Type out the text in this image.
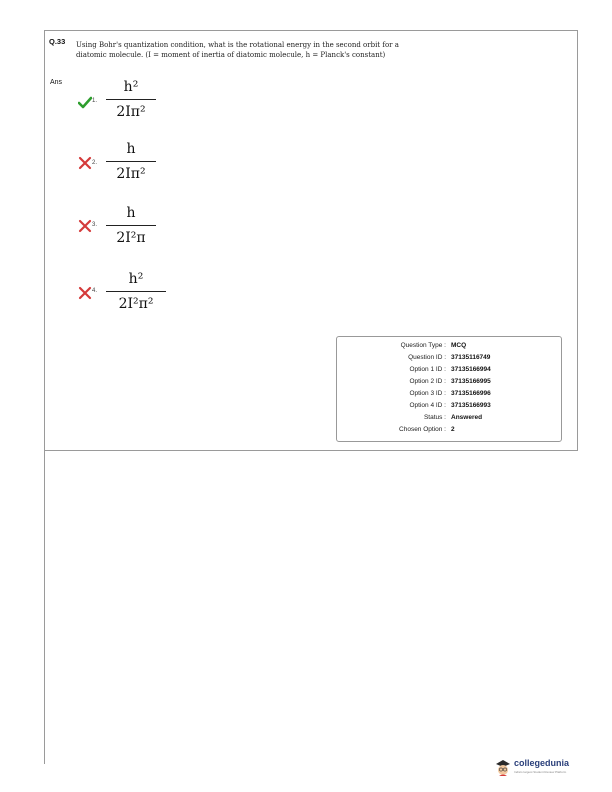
Q.33 Using Bohr's quantization condition, what is the rotational energy in the second orbit for a diatomic molecule. (I = moment of inertia of diatomic molecule, h = Planck's constant)
Ans
1.
h²
2Iπ²
2.
h
2Iπ²
3.
h
2I²π
4.
h²
2I²π²
Question Type : MCQ
Question ID : 37135116749
Option 1 ID : 37135166994
Option 2 ID : 37135166995
Option 3 ID : 37135166996
Option 4 ID : 37135166993
Status : Answered
Chosen Option : 2
collegedunia
India's largest Student Review Platform
